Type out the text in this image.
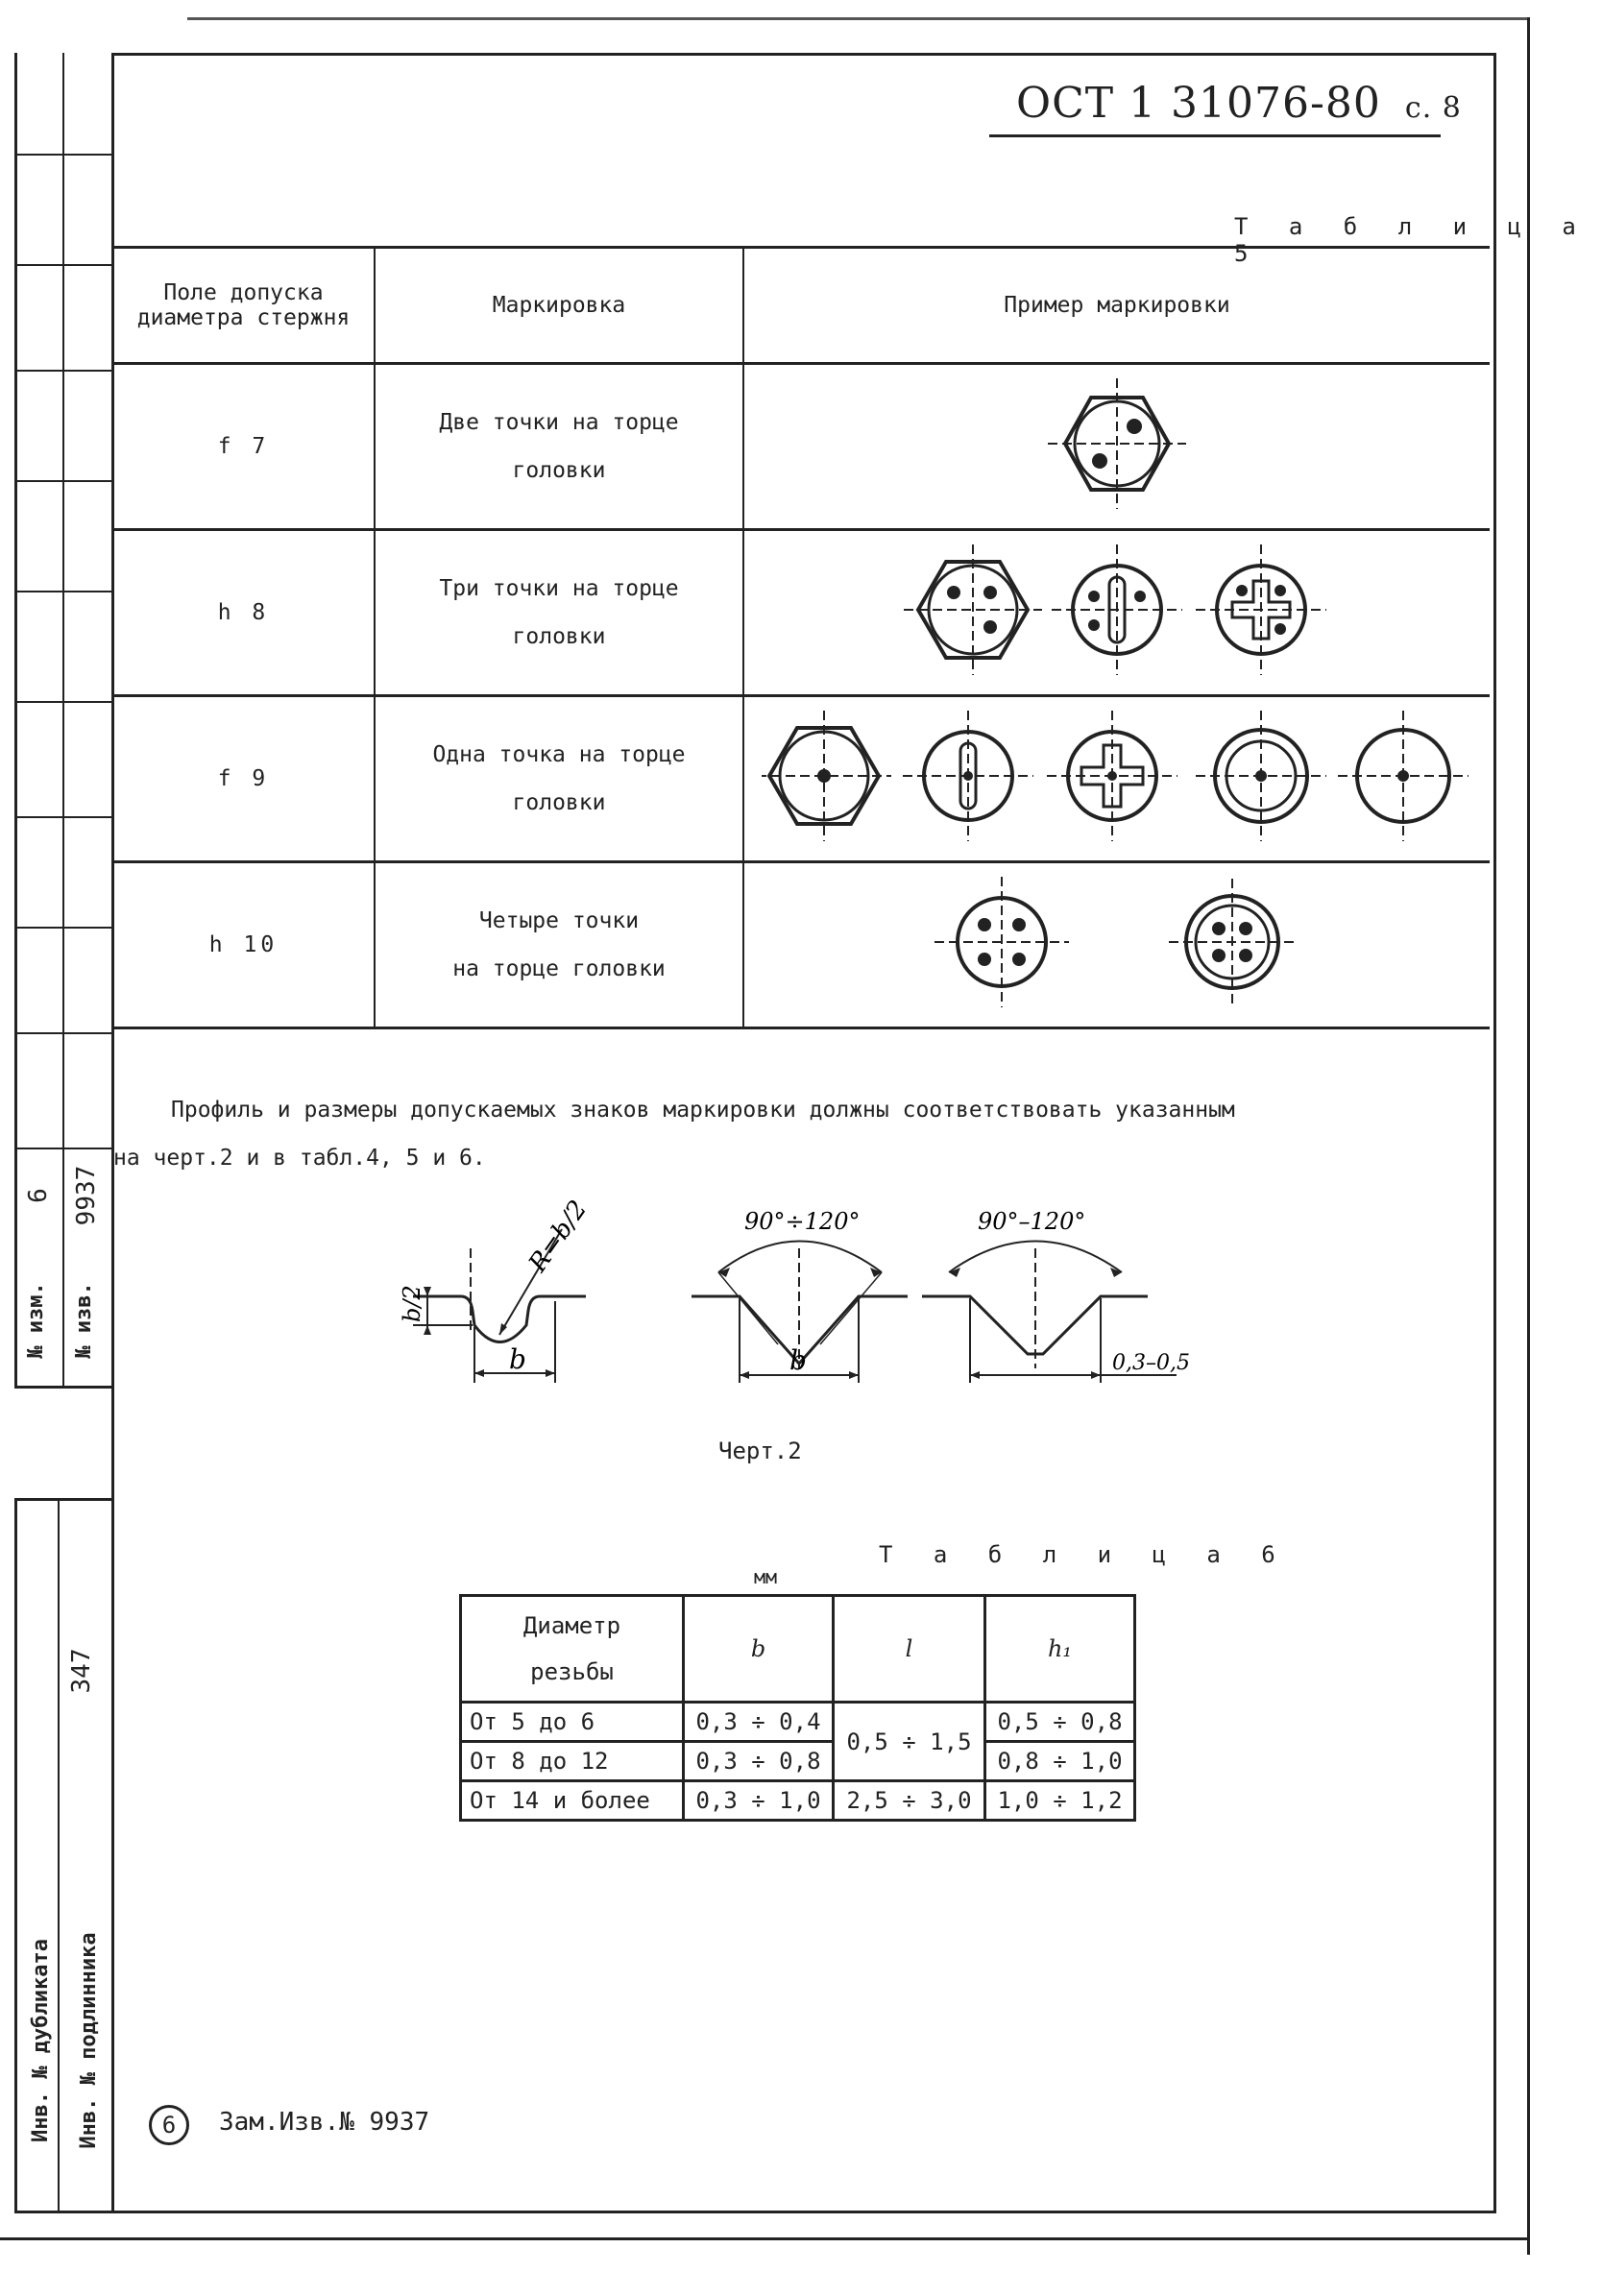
6 9937
№ изм. № изв.
347
Инв. № дубликата Инв. № подлинника
ОСТ 1 31076-80 с. 8
Т а б л и ц а 5
Поле допуска диаметра стержня	Маркировка	Пример маркировки
f 7	Две точки на торце
головки

h 8	Три точки на торце
головки

f 9	Одна точка на торце
головки

h 10	Четыре точки
на торце головки

Профиль и размеры допускаемых знаков маркировки должны соответствовать указанным
на черт.2 и в табл.4, 5 и 6.
b/2
R=b/2
b
90°÷120°
b
90°–120°
0,3–0,5
Черт.2
Т а б л и ц а 6
мм
Диаметр
резьбы	b	l	h₁
От 5 до 6	0,3 ÷ 0,4	0,5 ÷ 1,5	0,5 ÷ 0,8
От 8 до 12	0,3 ÷ 0,8		0,8 ÷ 1,0
От 14 и более	0,3 ÷ 1,0	2,5 ÷ 3,0	1,0 ÷ 1,2
6	Зам.Изв.№ 9937
